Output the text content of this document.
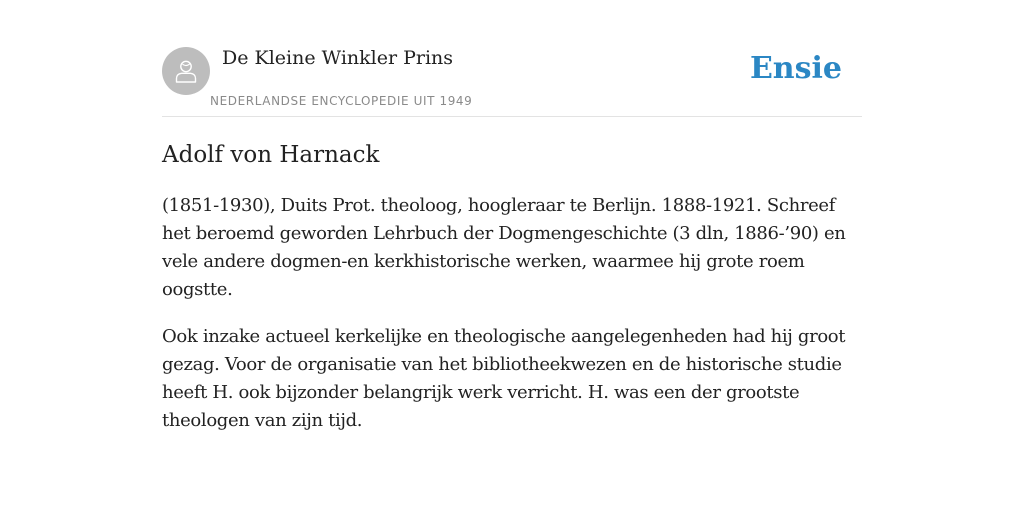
De Kleine Winkler Prins
NEDERLANDSE ENCYCLOPEDIE UIT 1949
Ensie
Adolf von Harnack

(1851-1930), Duits Prot. theoloog, hoogleraar te Berlijn. 1888-1921. Schreef het beroemd geworden Lehrbuch der Dogmengeschichte (3 dln, 1886-’90) en vele andere dogmen-en kerkhistorische werken, waarmee hij grote roem oogstte.

Ook inzake actueel kerkelijke en theologische aangelegenheden had hij groot gezag. Voor de organisatie van het bibliotheekwezen en de historische studie heeft H. ook bijzonder belangrijk werk verricht. H. was een der grootste theologen van zijn tijd.
